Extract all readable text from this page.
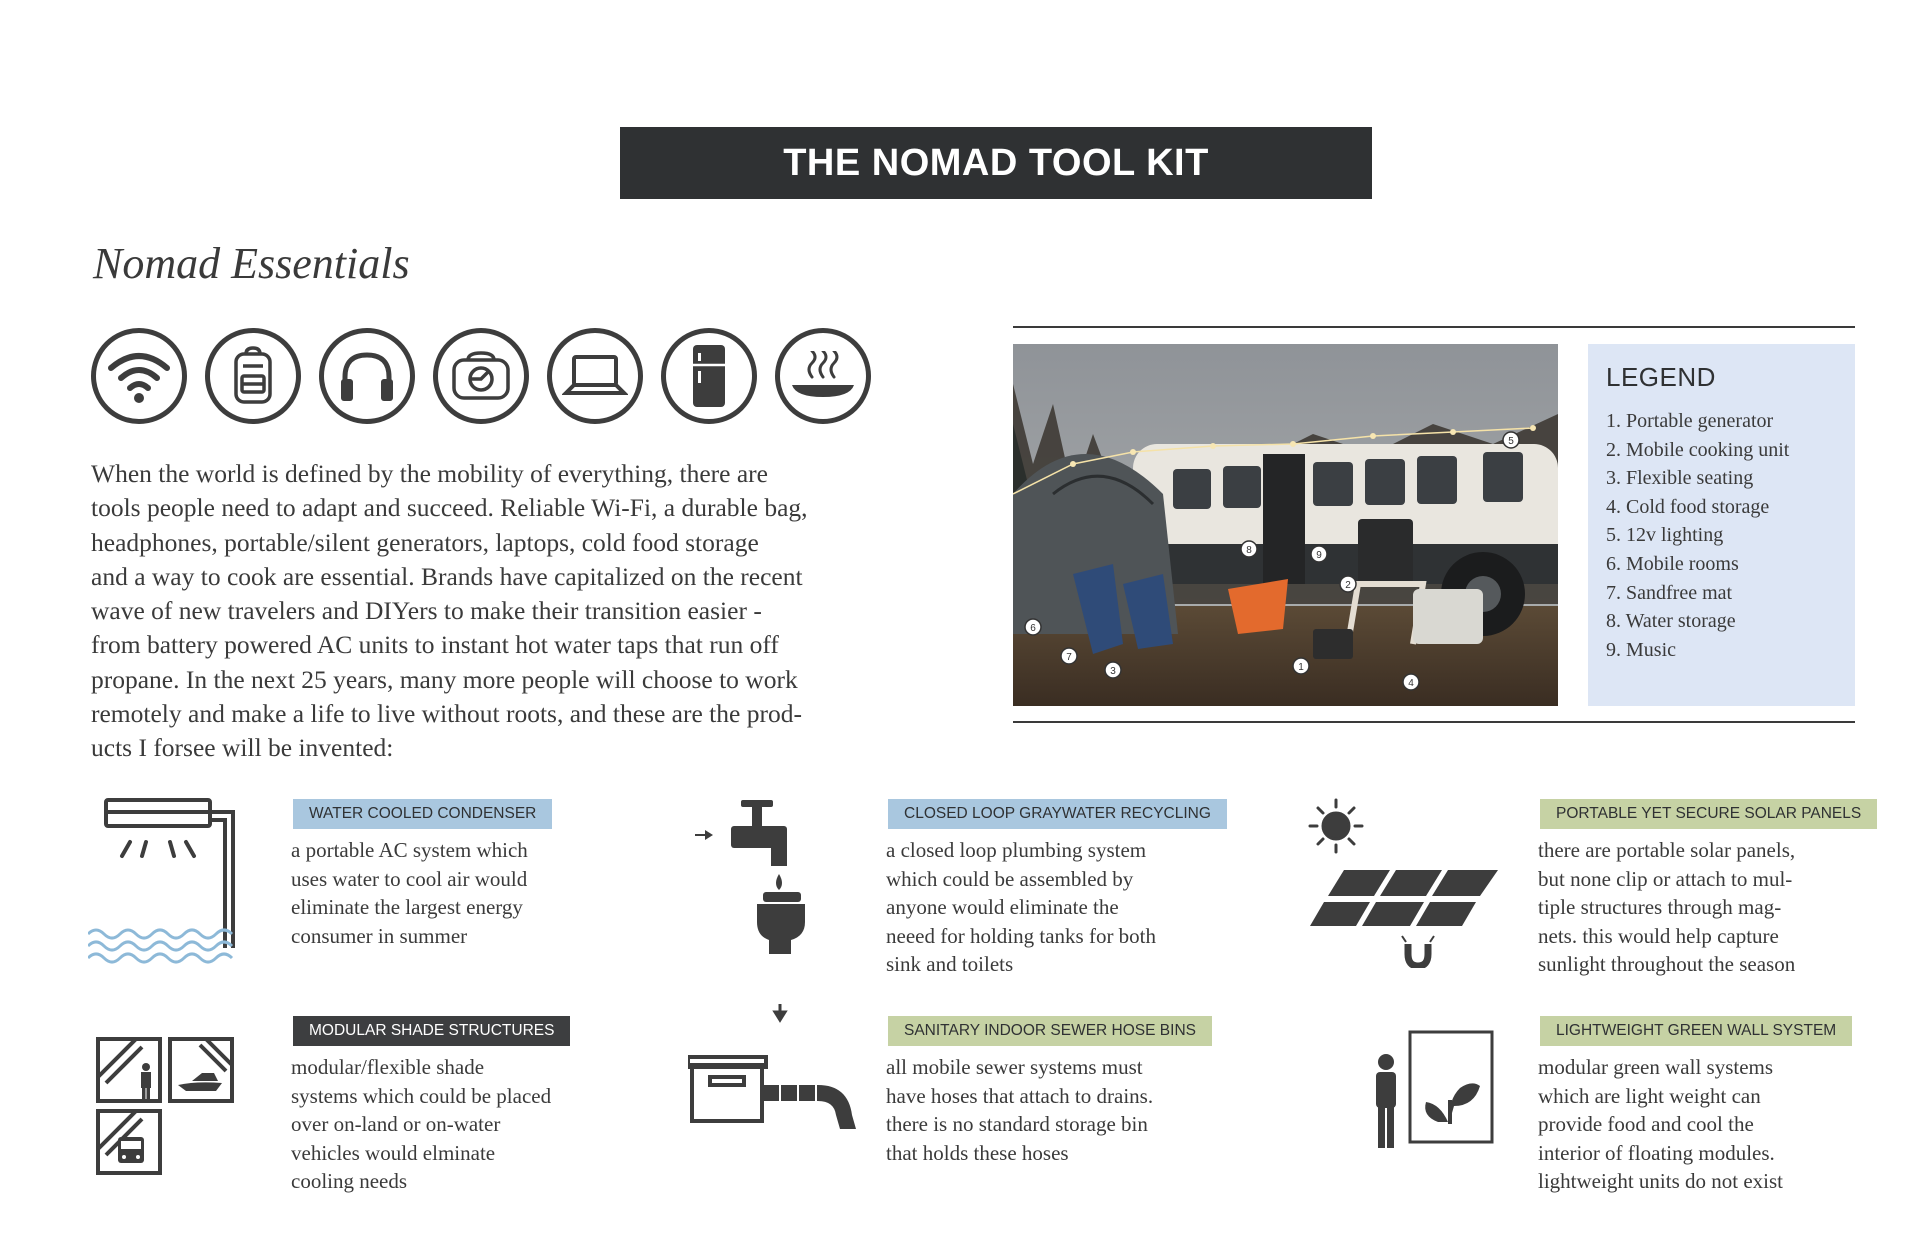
THE NOMAD TOOL KIT
Nomad Essentials
When the world is defined by the mobility of everything, there are
tools people need to adapt and succeed. Reliable Wi-Fi, a durable bag,
headphones, portable/silent generators, laptops, cold food storage
and a way to cook are essential. Brands have capitalized on the recent
wave of new travelers and DIYers to make their transition easier -
from battery powered AC units to instant hot water taps that run off
propane. In the next 25 years, many more people will choose to work
remotely and make a life to live without roots, and these are the prod-
ucts I forsee will be invented:
1
2
3
4
5
6
7
8	9
LEGEND
1. Portable generator
2. Mobile cooking unit
3. Flexible seating
4. Cold food storage
5. 12v lighting
6. Mobile rooms
7. Sandfree mat
8. Water storage
9. Music
WATER COOLED CONDENSER
a portable AC system which
uses water to cool air would
eliminate the largest energy
consumer in summer
CLOSED LOOP GRAYWATER RECYCLING
a closed loop plumbing system
which could be assembled by
anyone would eliminate the
neeed for holding tanks for both
sink and toilets
PORTABLE YET SECURE SOLAR PANELS
there are portable solar panels,
but none clip or attach to mul-
tiple structures through mag-
nets. this would help capture
sunlight throughout the season
MODULAR SHADE STRUCTURES
modular/flexible shade
systems which could be placed
over on-land or on-water
vehicles would elminate
cooling needs
SANITARY INDOOR SEWER HOSE BINS
all mobile sewer systems must
have hoses that attach to drains.
there is no standard storage bin
that holds these hoses
LIGHTWEIGHT GREEN WALL SYSTEM
modular green wall systems
which are light weight can
provide food and cool the
interior of floating modules.
lightweight units do not exist
